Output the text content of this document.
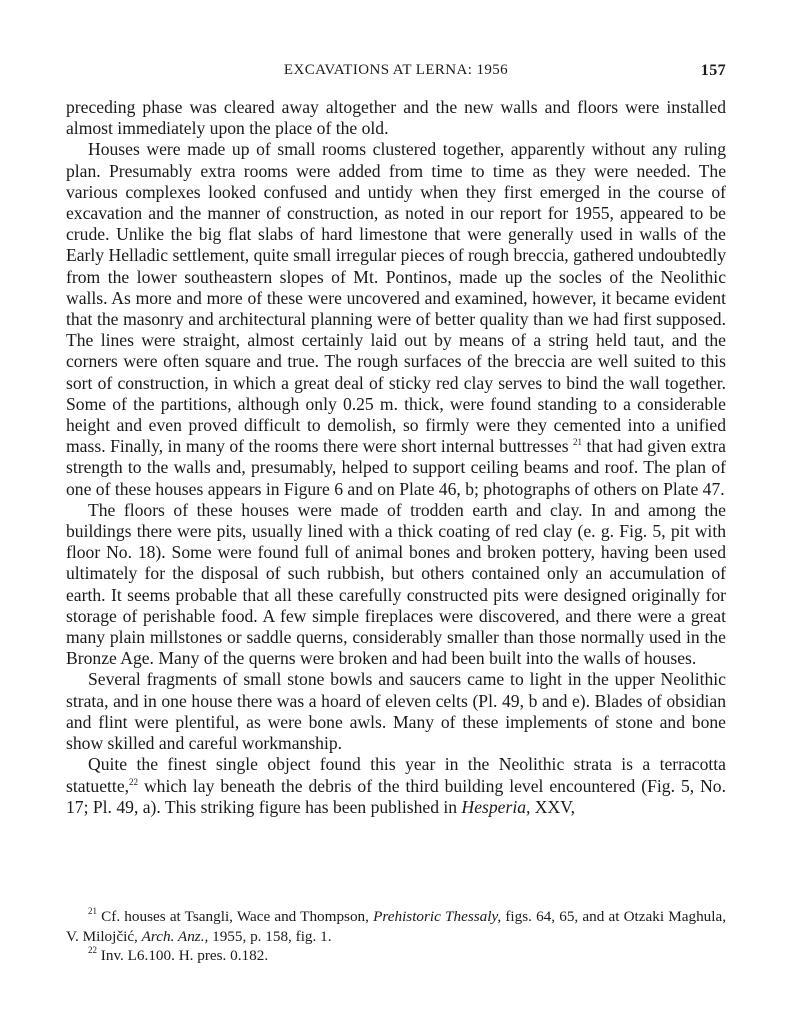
EXCAVATIONS AT LERNA: 1956	157

preceding phase was cleared away altogether and the new walls and floors were installed almost immediately upon the place of the old.

Houses were made up of small rooms clustered together, apparently without any ruling plan. Presumably extra rooms were added from time to time as they were needed. The various complexes looked confused and untidy when they first emerged in the course of excavation and the manner of construction, as noted in our report for 1955, appeared to be crude. Unlike the big flat slabs of hard limestone that were generally used in walls of the Early Helladic settlement, quite small irregular pieces of rough breccia, gathered undoubtedly from the lower southeastern slopes of Mt. Pontinos, made up the socles of the Neolithic walls. As more and more of these were uncovered and examined, however, it became evident that the masonry and architectural planning were of better quality than we had first supposed. The lines were straight, almost certainly laid out by means of a string held taut, and the corners were often square and true. The rough surfaces of the breccia are well suited to this sort of construction, in which a great deal of sticky red clay serves to bind the wall together. Some of the partitions, although only 0.25 m. thick, were found standing to a considerable height and even proved difficult to demolish, so firmly were they cemented into a unified mass. Finally, in many of the rooms there were short internal buttresses $^{21}$ that had given extra strength to the walls and, presumably, helped to support ceiling beams and roof. The plan of one of these houses appears in Figure 6 and on Plate 46, b; photographs of others on Plate 47.

The floors of these houses were made of trodden earth and clay. In and among the buildings there were pits, usually lined with a thick coating of red clay (e. g. Fig. 5, pit with floor No. 18). Some were found full of animal bones and broken pottery, having been used ultimately for the disposal of such rubbish, but others contained only an accumulation of earth. It seems probable that all these carefully constructed pits were designed originally for storage of perishable food. A few simple fireplaces were discovered, and there were a great many plain millstones or saddle querns, considerably smaller than those normally used in the Bronze Age. Many of the querns were broken and had been built into the walls of houses.

Several fragments of small stone bowls and saucers came to light in the upper Neolithic strata, and in one house there was a hoard of eleven celts (Pl. 49, b and e). Blades of obsidian and flint were plentiful, as were bone awls. Many of these implements of stone and bone show skilled and careful workmanship.

Quite the finest single object found this year in the Neolithic strata is a terracotta statuette,$^{22}$ which lay beneath the debris of the third building level encountered (Fig. 5, No. 17; Pl. 49, a). This striking figure has been published in Hesperia, XXV,

$^{21}$ Cf. houses at Tsangli, Wace and Thompson, Prehistoric Thessaly, figs. 64, 65, and at Otzaki Maghula, V. Milojčić, Arch. Anz., 1955, p. 158, fig. 1.

$^{22}$ Inv. L6.100. H. pres. 0.182.
